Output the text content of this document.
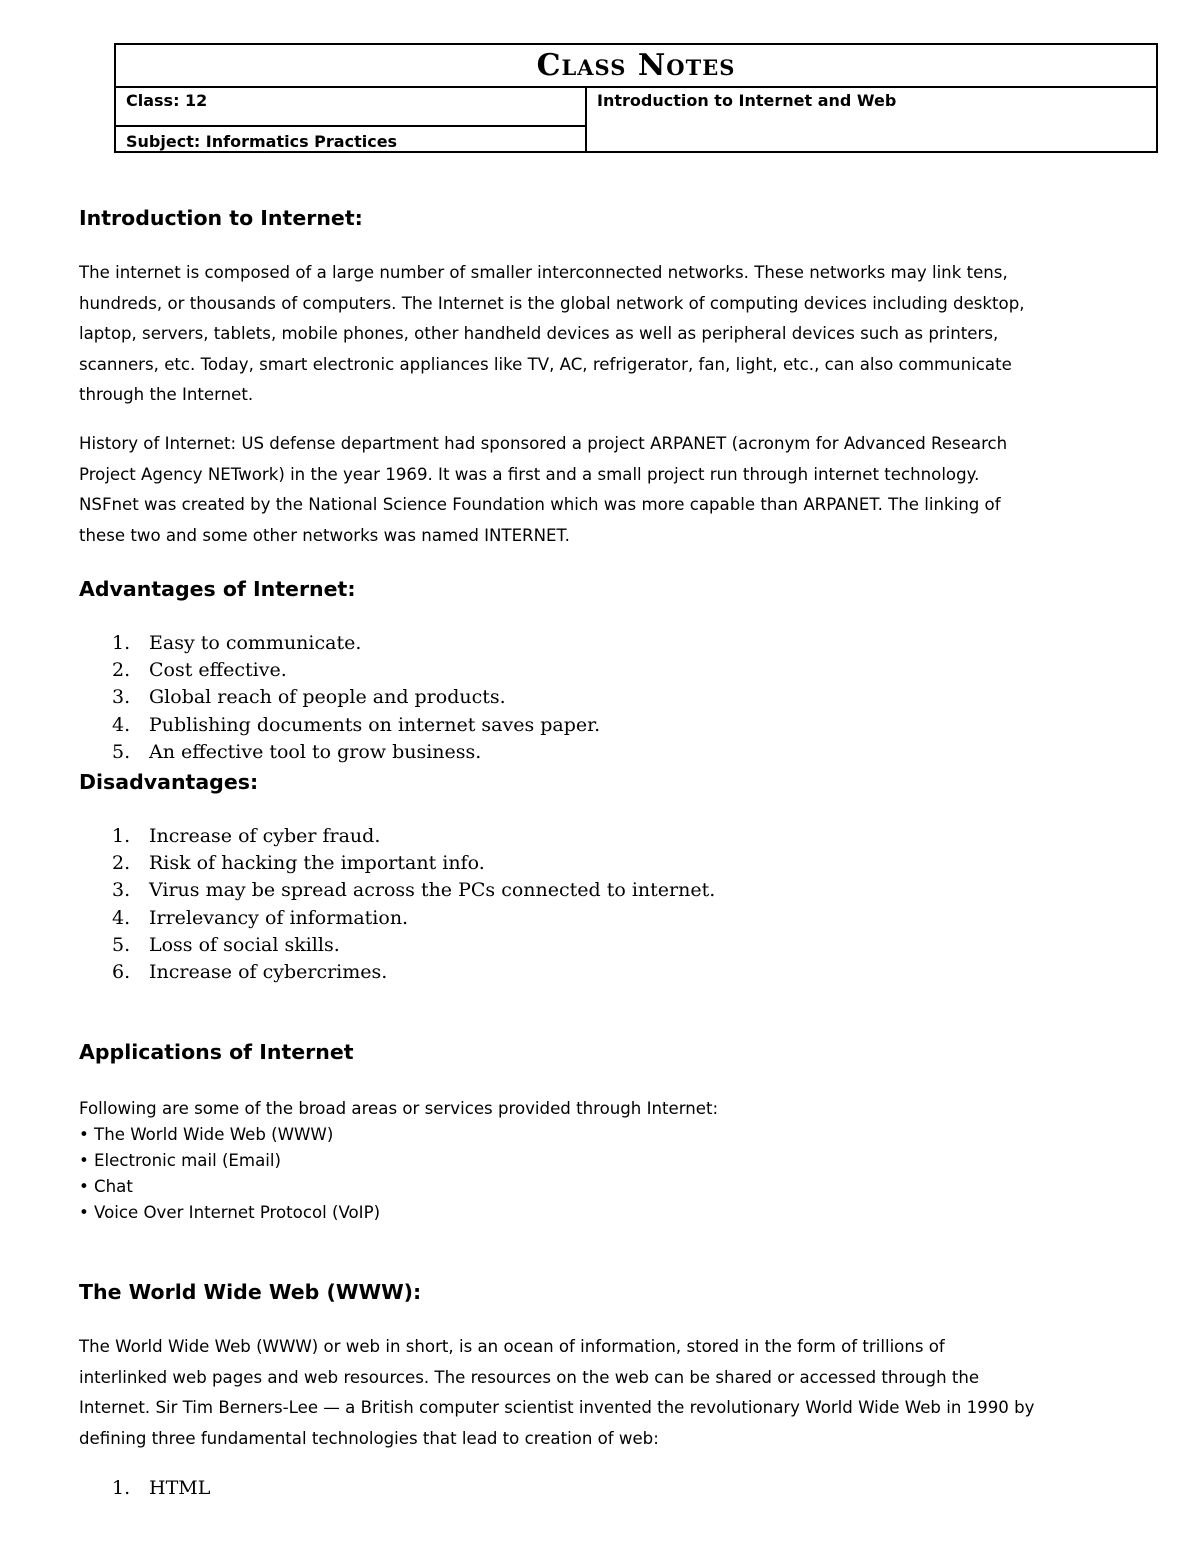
Class Notes
Class: 12
Subject: Informatics Practices
Introduction to Internet and Web
Introduction to Internet:

The internet is composed of a large number of smaller interconnected networks. These networks may link tens,
hundreds, or thousands of computers. The Internet is the global network of computing devices including desktop,
laptop, servers, tablets, mobile phones, other handheld devices as well as peripheral devices such as printers,
scanners, etc. Today, smart electronic appliances like TV, AC, refrigerator, fan, light, etc., can also communicate
through the Internet.

History of Internet: US defense department had sponsored a project ARPANET (acronym for Advanced Research
Project Agency NETwork) in the year 1969. It was a first and a small project run through internet technology.
NSFnet was created by the National Science Foundation which was more capable than ARPANET. The linking of
these two and some other networks was named INTERNET.

Advantages of Internet:
1. Easy to communicate.
2. Cost effective.
3. Global reach of people and products.
4. Publishing documents on internet saves paper.
5. An effective tool to grow business.
Disadvantages:
1. Increase of cyber fraud.
2. Risk of hacking the important info.
3. Virus may be spread across the PCs connected to internet.
4. Irrelevancy of information.
5. Loss of social skills.
6. Increase of cybercrimes.
Applications of Internet
Following are some of the broad areas or services provided through Internet:
• The World Wide Web (WWW)
• Electronic mail (Email)
• Chat
• Voice Over Internet Protocol (VoIP)
The World Wide Web (WWW):

The World Wide Web (WWW) or web in short, is an ocean of information, stored in the form of trillions of
interlinked web pages and web resources. The resources on the web can be shared or accessed through the
Internet. Sir Tim Berners-Lee — a British computer scientist invented the revolutionary World Wide Web in 1990 by
defining three fundamental technologies that lead to creation of web:

1. HTML
